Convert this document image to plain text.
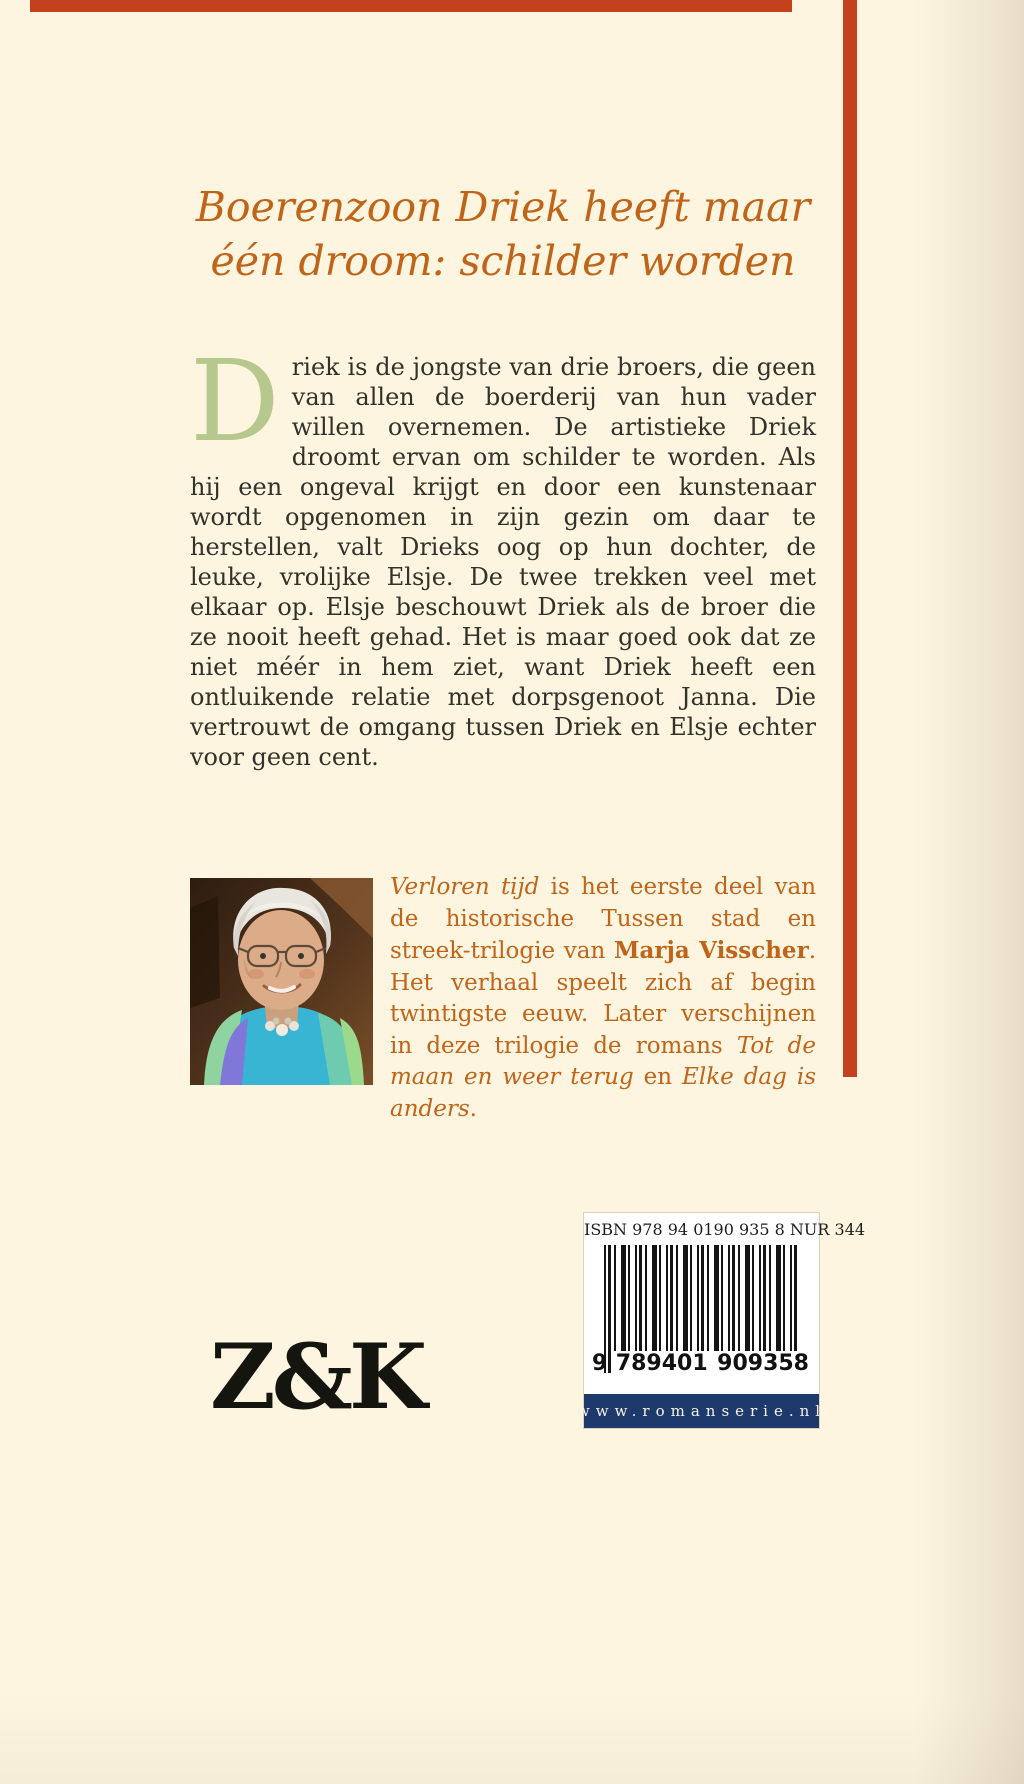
Boerenzoon Driek heeft maar
één droom: schilder worden
Driek is de jongste van drie broers, die geen van allen de boerderij van hun vader willen overnemen. De artistieke Driek droomt ervan om schilder te worden. Als hij een ongeval krijgt en door een kunstenaar wordt opgenomen in zijn gezin om daar te herstellen, valt Drieks oog op hun dochter, de leuke, vrolijke Elsje. De twee trekken veel met elkaar op. Elsje beschouwt Driek als de broer die ze nooit heeft gehad. Het is maar goed ook dat ze niet méér in hem ziet, want Driek heeft een ontluikende relatie met dorpsgenoot Janna. Die vertrouwt de omgang tussen Driek en Elsje echter voor geen cent.
Verloren tijd is het eerste deel van de historische Tussen stad en streek-trilogie van Marja Visscher. Het verhaal speelt zich af begin twintigste eeuw. Later verschijnen in deze trilogie de romans Tot de maan en weer terug en Elke dag is anders.
ISBN 978 94 0190 935 8 NUR 344
9 789401 909358
www.romanserie.nl
Z&K
